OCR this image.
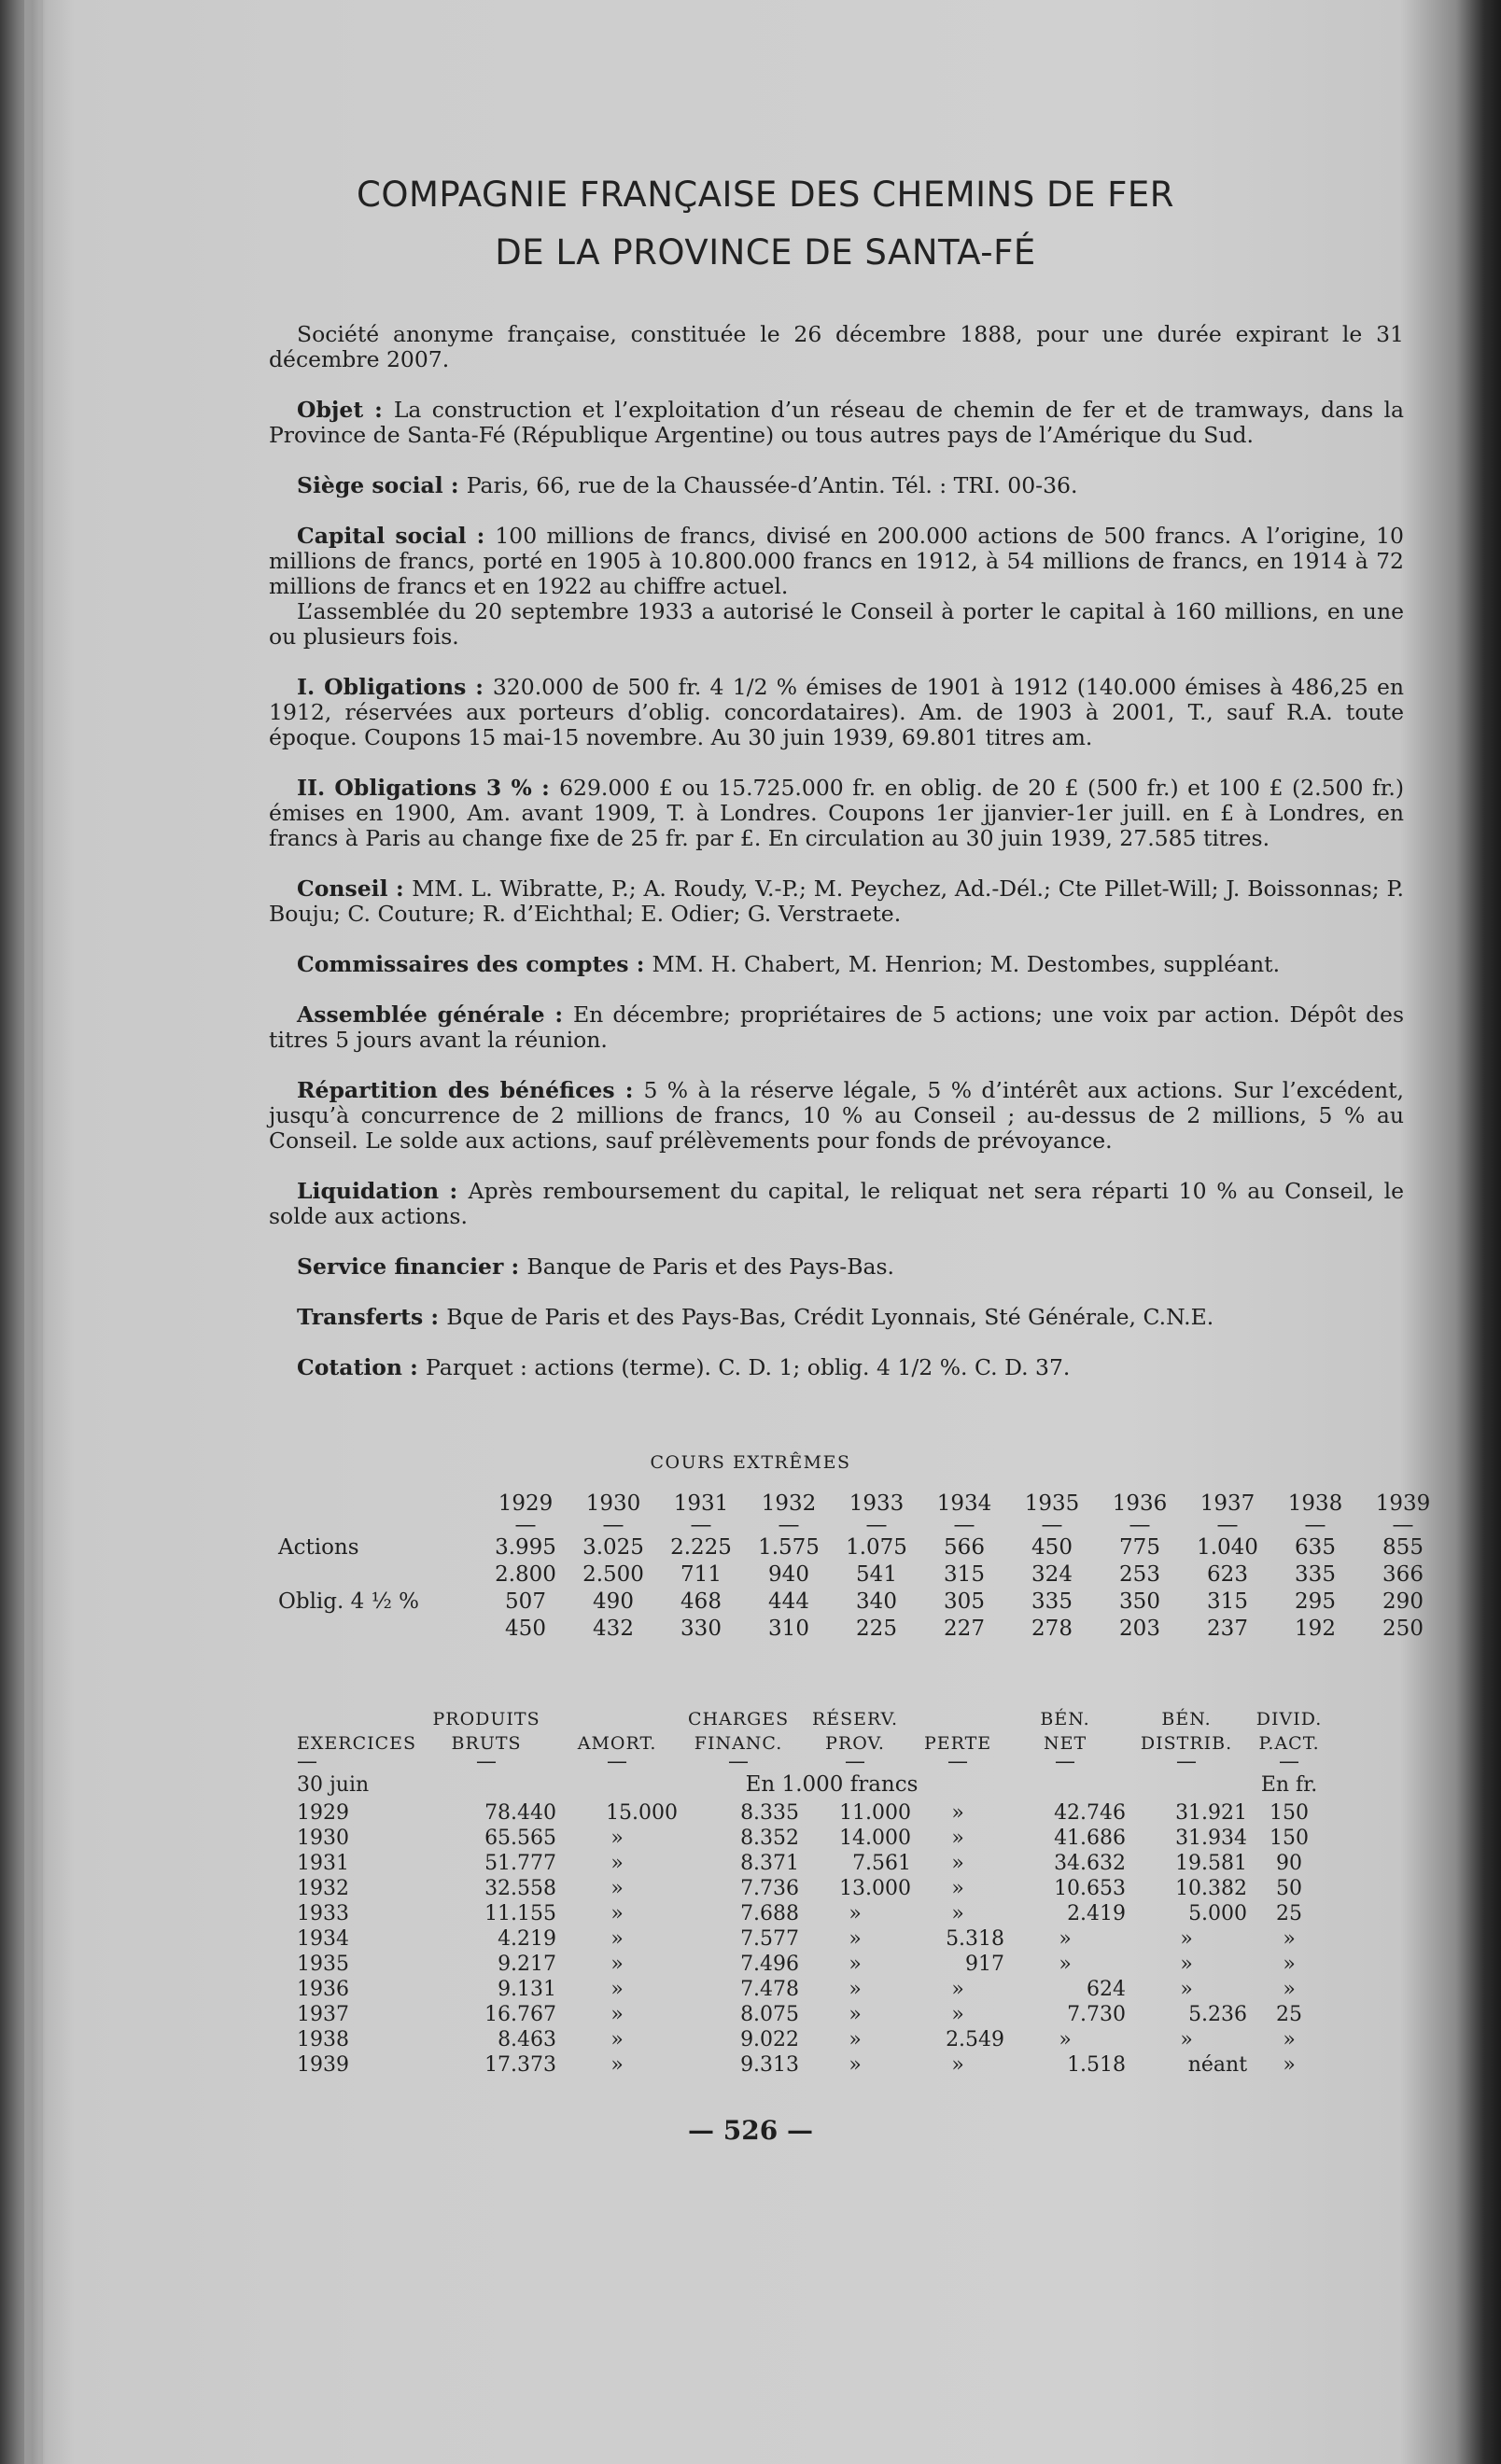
COMPAGNIE FRANÇAISE DES CHEMINS DE FER
DE LA PROVINCE DE SANTA-FÉ

Société anonyme française, constituée le 26 décembre 1888, pour une durée expirant le 31 décembre 2007.

Objet : La construction et l’exploitation d’un réseau de chemin de fer et de tramways, dans la Province de Santa-Fé (République Argentine) ou tous autres pays de l’Amérique du Sud.

Siège social : Paris, 66, rue de la Chaussée-d’Antin. Tél. : TRI. 00-36.

Capital social : 100 millions de francs, divisé en 200.000 actions de 500 francs. A l’origine, 10 millions de francs, porté en 1905 à 10.800.000 francs en 1912, à 54 millions de francs, en 1914 à 72 millions de francs et en 1922 au chiffre actuel.
L’assemblée du 20 septembre 1933 a autorisé le Conseil à porter le capital à 160 millions, en une ou plusieurs fois.

I. Obligations : 320.000 de 500 fr. 4 1/2 % émises de 1901 à 1912 (140.000 émises à 486,25 en 1912, réservées aux porteurs d’oblig. concordataires). Am. de 1903 à 2001, T., sauf R.A. toute époque. Coupons 15 mai-15 novembre. Au 30 juin 1939, 69.801 titres am.

II. Obligations 3 % : 629.000 £ ou 15.725.000 fr. en oblig. de 20 £ (500 fr.) et 100 £ (2.500 fr.) émises en 1900, Am. avant 1909, T. à Londres. Coupons 1er jjanvier-1er juill. en £ à Londres, en francs à Paris au change fixe de 25 fr. par £. En circulation au 30 juin 1939, 27.585 titres.

Conseil : MM. L. Wibratte, P.; A. Roudy, V.-P.; M. Peychez, Ad.-Dél.; Cte Pillet-Will; J. Boissonnas; P. Bouju; C. Couture; R. d’Eichthal; E. Odier; G. Verstraete.

Commissaires des comptes : MM. H. Chabert, M. Henrion; M. Destombes, suppléant.

Assemblée générale : En décembre; propriétaires de 5 actions; une voix par action. Dépôt des titres 5 jours avant la réunion.

Répartition des bénéfices : 5 % à la réserve légale, 5 % d’intérêt aux actions. Sur l’excédent, jusqu’à concurrence de 2 millions de francs, 10 % au Conseil ; au-dessus de 2 millions, 5 % au Conseil. Le solde aux actions, sauf prélèvements pour fonds de prévoyance.

Liquidation : Après remboursement du capital, le reliquat net sera réparti 10 % au Conseil, le solde aux actions.

Service financier : Banque de Paris et des Pays-Bas.

Transferts : Bque de Paris et des Pays-Bas, Crédit Lyonnais, Sté Générale, C.N.E.

Cotation : Parquet : actions (terme). C. D. 1; oblig. 4 1/2 %. C. D. 37.

COURS EXTRÊMES
	1929	1930	1931	1932	1933	1934	1935	1936	1937	1938	1939
	—	—	—	—	—	—	—	—	—	—	—
Actions	3.995	3.025	2.225	1.575	1.075	566	450	775	1.040	635	855
	2.800	2.500	711	940	541	315	324	253	623	335	366
Oblig. 4 ½ %	507	490	468	444	340	305	335	350	315	295	290
	450	432	330	310	225	227	278	203	237	192	250
	PRODUITS		CHARGES	RÉSERV.		BÉN.	BÉN.	DIVID.
EXERCICES	BRUTS	AMORT.	FINANC.	PROV.	PERTE	NET	DISTRIB.	P.ACT.
—	—	—	—	—	—	—	—	—
30 juin	En 1.000 francs							En fr.
1929	78.440	15.000	8.335	11.000	»	42.746	31.921	150
1930	65.565	»	8.352	14.000	»	41.686	31.934	150
1931	51.777	»	8.371	7.561	»	34.632	19.581	90
1932	32.558	»	7.736	13.000	»	10.653	10.382	50
1933	11.155	»	7.688	»	»	2.419	5.000	25
1934	4.219	»	7.577	»	5.318	»	»	»
1935	9.217	»	7.496	»	917	»	»	»
1936	9.131	»	7.478	»	»	624	»	»
1937	16.767	»	8.075	»	»	7.730	5.236	25
1938	8.463	»	9.022	»	2.549	»	»	»
1939	17.373	»	9.313	»	»	1.518	néant	»
— 526 —
